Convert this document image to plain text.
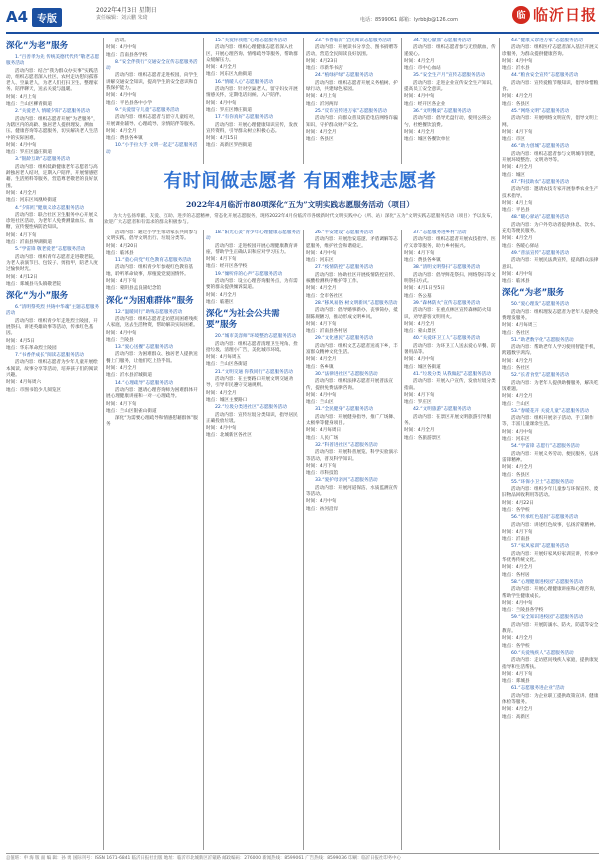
A4 专版
2022年4月3日 星期日
责任编辑：刘云鹏 朱琦	电话：8599061 邮箱：lyrbbjb@126.com	临 临沂日报
有时间做志愿者 有困难找志愿者
2022年4月临沂市80项深化“五为”文明实践志愿服务活动（项目）
为大力弘扬奉献、友爱、互助、进步的志愿精神，常态化开展志愿服务，现将2022年4月份临沂市各级新时代文明实践中心（所、站）深化“五为”文明实践志愿服务活动（项目）予以发布，欢迎广大志愿者和有需求的群众积极参与。
深化“为老”服务

1.“百善孝为先 传统美德代代传”敬老志愿服务活动

活动内容：结合“我为群众办实事”实践活动，组织志愿者深入社区、农村走访慰问孤寡老人、空巢老人，为老人们打扫卫生、整理家务、陪伴聊天，送去关爱与温暖。

时间：4月上旬

地点：兰山区柳青街道

2.“关爱老人 情暖夕阳”志愿服务活动

活动内容：组织志愿者开展“为老服务”，为辖区内的高龄、独居老人提供理发、测血压、健康咨询等志愿服务，切实解决老人生活中的实际困难。

时间：4月中旬

地点：罗庄区盛庄街道

3.“银龄互助”志愿服务活动

活动内容：组织低龄健康老年志愿者与高龄独居老人结对，定期入户陪伴，开展情感慰藉、生活照料等服务，营造尊老敬老的良好氛围。

时间：4月全月

地点：河东区凤凰岭街道

4.“夕阳红”健康义诊志愿服务活动

活动内容：联合社区卫生服务中心开展义诊进社区活动，为老年人免费测量血压、血糖，宣传慢性病防治知识。

时间：4月下旬

地点：沂南县界湖街道

5.“学雷锋 敬老爱老”志愿服务活动

活动内容：组织青年志愿者走进敬老院，为老人表演节目、包饺子、剪指甲，陪老人度过愉快时光。

时间：4月12日

地点：郯城县马头镇敬老院

深化“为小”服务

6.“清明祭英烈 共铸中华魂”主题志愿服务活动

活动内容：组织青少年走进烈士陵园，开展祭扫、讲述英雄故事等活动，传承红色基因。

时间：4月5日

地点：华东革命烈士陵园

7.“书香伴成长”阅读志愿服务活动

活动内容：组织志愿者为少年儿童开展绘本阅读、故事分享等活动，培养孩子们的阅读兴趣。

时间：4月每周六

地点：市图书馆少儿阅览区

活动。

时间：4月中旬

地点：莒南县各学校

8.“安全伴我行”交通安全宣传志愿服务活动

活动内容：组织志愿者走进校园，向学生讲解交通安全知识，提高学生的安全意识和自我保护能力。

时间：4月中旬

地点：平邑县各中小学

9.“关爱留守儿童”志愿服务活动

活动内容：组织志愿者与留守儿童结对，开展课业辅导、心理疏导、亲情陪伴等服务。

时间：4月全月

地点：费县各乡镇

10.“小手拉大手 文明一起走”志愿服务活动

活动内容：通过小学生带动家长共同参与文明实践，倡导文明出行、垃圾分类等。

时间：4月20日

地点：临沭县

11.“童心向党”红色教育志愿服务活动

活动内容：组织青少年参观红色教育基地，聆听革命故事，厚植爱党爱国情怀。

时间：4月下旬

地点：蒙阴县孟良崮纪念馆

深化“为困难群体”服务

12.“温暖同行”助残志愿服务活动

活动内容：组织志愿者走访慰问困难残疾人家庭，送去生活物资，帮助解决实际困难。

时间：4月中旬

地点：兰陵县

13.“爱心送餐”志愿服务活动

活动内容：为困难群众、独居老人提供送餐上门服务，让他们吃上热乎饭。

时间：4月全月

地点：沂水县沂城街道

14.“心理疏导”志愿服务活动

活动内容：邀请心理咨询师为困难群体开展心理健康讲座和一对一心理疏导。

时间：4月下旬

地点：兰山区银雀山街道

深化“为需要心理疏导和情感慰藉群体”服务

15.“关爱你我他”心理志愿服务活动

活动内容：组织心理健康志愿者深入社区，开展心理咨询、情绪疏导等服务，帮助群众缓解压力。

时间：4月全月

地点：河东区九曲街道

16.“情暖人心”志愿服务活动

活动内容：针对空巢老人、留守妇女开展情感关怀，定期电话问候、入户陪伴。

时间：4月中旬

地点：罗庄区傅庄街道

17.“有你真好”志愿服务活动

活动内容：开展心理健康知识宣传，发放宣传资料，引导群众树立积极心态。

时间：4月15日

地点：高新区罗西街道

18.“阳光心灵”青少年心理健康志愿服务活动

活动内容：走进校园开展心理健康教育讲座，帮助学生正确认识和应对学习压力。

时间：4月下旬

地点：经开区各学校

19.“倾听你的心声”志愿服务活动

活动内容：设立心理咨询服务点，为有需要的群众提供倾诉渠道。

时间：4月全月

地点：临港区

深化“为社会公共需要”服务

20.“城市美容师”环境整治志愿服务活动

活动内容：组织志愿者清理卫生死角、捡拾垃圾、清理小广告，美化城市环境。

时间：4月每周五

地点：兰山区各街道

21.“文明交通 你我同行”志愿服务活动

活动内容：在主要路口开展文明交通劝导，引导市民遵守交通规则。

时间：4月全月

地点：城区主要路口

22.“垃圾分类进社区”志愿服务活动

活动内容：宣传垃圾分类知识，指导居民正确投放垃圾。

时间：4月中旬

地点：北城新区各社区

23.“书香临沂”全民阅读志愿服务活动

活动内容：开展读书分享会、图书捐赠等活动，营造全民阅读良好氛围。

时间：4月23日

地点：市新华书店

24.“植绿护绿”志愿服务活动

活动内容：组织志愿者开展义务植树、护绿行动，共建绿色家园。

时间：4月上旬

地点：沂河两岸

25.“反诈宣传进万家”志愿服务活动

活动内容：向群众普及防范电信网络诈骗知识，守护群众财产安全。

时间：4月全月

地点：各县区

26.“平安建设”志愿服务活动

活动内容：开展治安巡逻、矛盾调解等志愿服务，维护社会和谐稳定。

时间：4月中旬

地点：河东区

27.“疫情防控”志愿服务活动

活动内容：协助社区开展疫情防控宣传、核酸检测秩序维护等工作。

时间：4月全月

地点：全市各社区

28.“移风易俗 树文明新风”志愿服务活动

活动内容：倡导婚事新办、丧事简办，抵制陈规陋习，推动形成文明乡风。

时间：4月下旬

地点：沂南县各村居

29.“文化惠民”志愿服务活动

活动内容：组织文艺志愿者送戏下乡，丰富群众精神文化生活。

时间：4月全月

地点：各乡镇

30.“法律进社区”志愿服务活动

活动内容：组织法律志愿者开展普法宣传，提供免费法律咨询。

时间：4月中旬

地点：兰山区

31.“全民健身”志愿服务活动

活动内容：开展健身指导，推广广场舞、太极拳等健身项目。

时间：4月每周日

地点：人民广场

32.“科普进社区”志愿服务活动

活动内容：开展科普展览、科学实验演示等活动，普及科学知识。

时间：4月下旬

地点：市科技馆

33.“爱护母亲河”志愿服务活动

活动内容：开展河道保洁、水质监测宣传等活动。

时间：4月中旬

地点：祊河沿岸

34.“爱心献血”志愿服务活动

活动内容：组织志愿者参与无偿献血，传递爱心。

时间：4月全月

地点：市中心血站

35.“安全生产月”宣传志愿服务活动

活动内容：走进企业宣传安全生产知识，提高员工安全意识。

时间：4月中旬

地点：经开区各企业

36.“文明餐桌”志愿服务活动

活动内容：倡导光盘行动，使用公筷公勺，杜绝餐饮浪费。

时间：4月全月

地点：城区各餐饮单位

37.“志愿服务进乡村”活动

活动内容：组织志愿者开展农技指导、医疗义诊等服务，助力乡村振兴。

时间：4月下旬

地点：费县各乡镇

38.“清明文明祭扫”志愿服务活动

活动内容：倡导鲜花祭扫、网络祭扫等文明祭扫方式。

时间：4月1日至5日

地点：各公墓

39.“森林防火”宣传志愿服务活动

活动内容：在重点林区宣传森林防火知识，劝导游客文明用火。

时间：4月全月

地点：蒙山景区

40.“关爱环卫工人”志愿服务活动

活动内容：为环卫工人送去爱心早餐、防暑用品等。

时间：4月中旬

地点：城区各街道

41.“垃圾分类 从我做起”志愿服务活动

活动内容：开展入户宣传，发放垃圾分类指南。

时间：4月下旬

地点：罗庄区

42.“文明旅游”志愿服务活动

活动内容：在景区开展文明旅游引导服务。

时间：4月全月

地点：各旅游景区

43.“健康义诊进万家”志愿服务活动

活动内容：组织医疗志愿者深入基层开展义诊服务，为群众提供健康咨询。

时间：4月中旬

地点：沂水县

44.“粮食安全宣传”志愿服务活动

活动内容：宣传爱粮节粮知识，倡导珍惜粮食。

时间：4月全月

地点：各县区

45.“网络文明”志愿服务活动

活动内容：开展网络文明宣传，倡导文明上网。

时间：4月下旬

地点：市区

46.“助力创城”志愿服务活动

活动内容：组织志愿者参与文明城市创建，开展环境整治、文明劝导等。

时间：4月全月

地点：城区

47.“科技助农”志愿服务活动

活动内容：邀请农技专家开展春季农业生产技术指导。

时间：4月上旬

地点：平邑县

48.“暖心驿站”志愿服务活动

活动内容：为户外劳动者提供休息、饮水、充电等便民服务。

时间：4月全月

地点：各暖心驿站

49.“普法宣传”志愿服务活动

活动内容：开展民法典宣传，提高群众法律意识。

时间：4月中旬

地点：临沭县

深化“为老”服务

50.“爱心理发”志愿服务活动

活动内容：组织理发志愿者为老年人提供免费理发服务。

时间：4月每周三

地点：各社区

51.“助老数字化”志愿服务活动

活动内容：帮助老年人学习使用智能手机，跨越数字鸿沟。

时间：4月全月

地点：各社区

52.“长者食堂”志愿服务活动

活动内容：为老年人提供助餐服务，解决吃饭难题。

时间：4月全月

地点：兰山区

53.“春暖花开 关爱儿童”志愿服务活动

活动内容：组织开展亲子活动、手工制作等，丰富儿童课余生活。

时间：4月中旬

地点：河东区

54.“学雷锋 志愿行”志愿服务活动

活动内容：开展义务劳动、便民服务，弘扬雷锋精神。

时间：4月全月

地点：各县区

55.“环保小卫士”志愿服务活动

活动内容：组织少年儿童参与环保宣传、废旧物品回收利用等活动。

时间：4月22日

地点：各学校

56.“传承红色基因”志愿服务活动

活动内容：讲述红色故事，弘扬沂蒙精神。

时间：4月下旬

地点：沂南县

57.“家风家训”志愿服务活动

活动内容：开展好家风好家训宣讲，传承中华优秀传统文化。

时间：4月全月

地点：各村居

58.“心理健康进校园”志愿服务活动

活动内容：开展心理健康讲座和心理咨询，帮助学生健康成长。

时间：4月中旬

地点：兰陵县各学校

59.“安全知识进校园”志愿服务活动

活动内容：开展防溺水、防火、防震等安全教育。

时间：4月全月

地点：各学校

60.“关爱残疾人”志愿服务活动

活动内容：走访慰问残疾人家庭，提供康复指导和生活帮扶。

时间：4月下旬

地点：郯城县

61.“志愿服务进企业”活动

活动内容：为企业职工提供政策宣讲、健康体检等服务。

时间：4月全月

地点：高新区

总值班：申 海 版 面 编 辑：孙 勇 国际刊号：ISSN 1671-6841 临沂日报社出版 地址：临沂市北城新区沂蒙路 邮政编码：276000 新闻热线：8599061 广告热线：8599036 印刷：临沂日报社印务中心
